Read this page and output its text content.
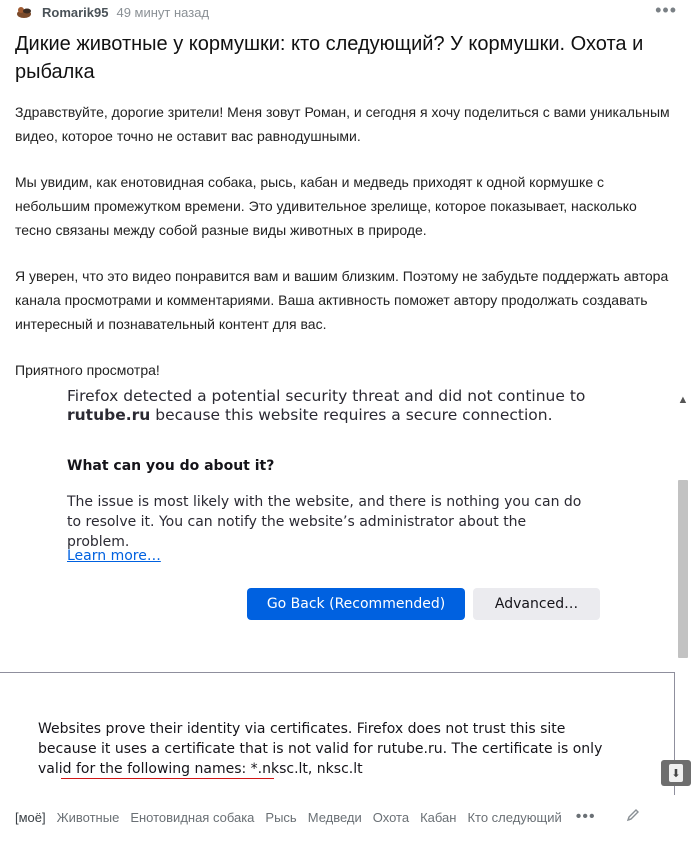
Romarik95 49 минут назад	•••
Дикие животные у кормушки: кто следующий? У кормушки. Охота и рыбалка

Здравствуйте, дорогие зрители! Меня зовут Роман, и сегодня я хочу поделиться с вами уникальным видео, которое точно не оставит вас равнодушными.

Мы увидим, как енотовидная собака, рысь, кабан и медведь приходят к одной кормушке с небольшим промежутком времени. Это удивительное зрелище, которое показывает, насколько тесно связаны между собой разные виды животных в природе.

Я уверен, что это видео понравится вам и вашим близким. Поэтому не забудьте поддержать автора канала просмотрами и комментариями. Ваша активность поможет автору продолжать создавать интересный и познавательный контент для вас.

Приятного просмотра!

Firefox detected a potential security threat and did not continue to
rutube.ru because this website requires a secure connection.
What can you do about it?
The issue is most likely with the website, and there is nothing you can do to resolve it. You can notify the website’s administrator about the problem.
Learn more…
Go Back (Recommended)	Advanced…
Websites prove their identity via certificates. Firefox does not trust this site because it uses a certificate that is not valid for rutube.ru. The certificate is only valid for the following names: *.nksc.lt, nksc.lt
▲
⬇
[моё] Животные Енотовидная собака Рысь Медведи Охота Кабан Кто следующий •••
